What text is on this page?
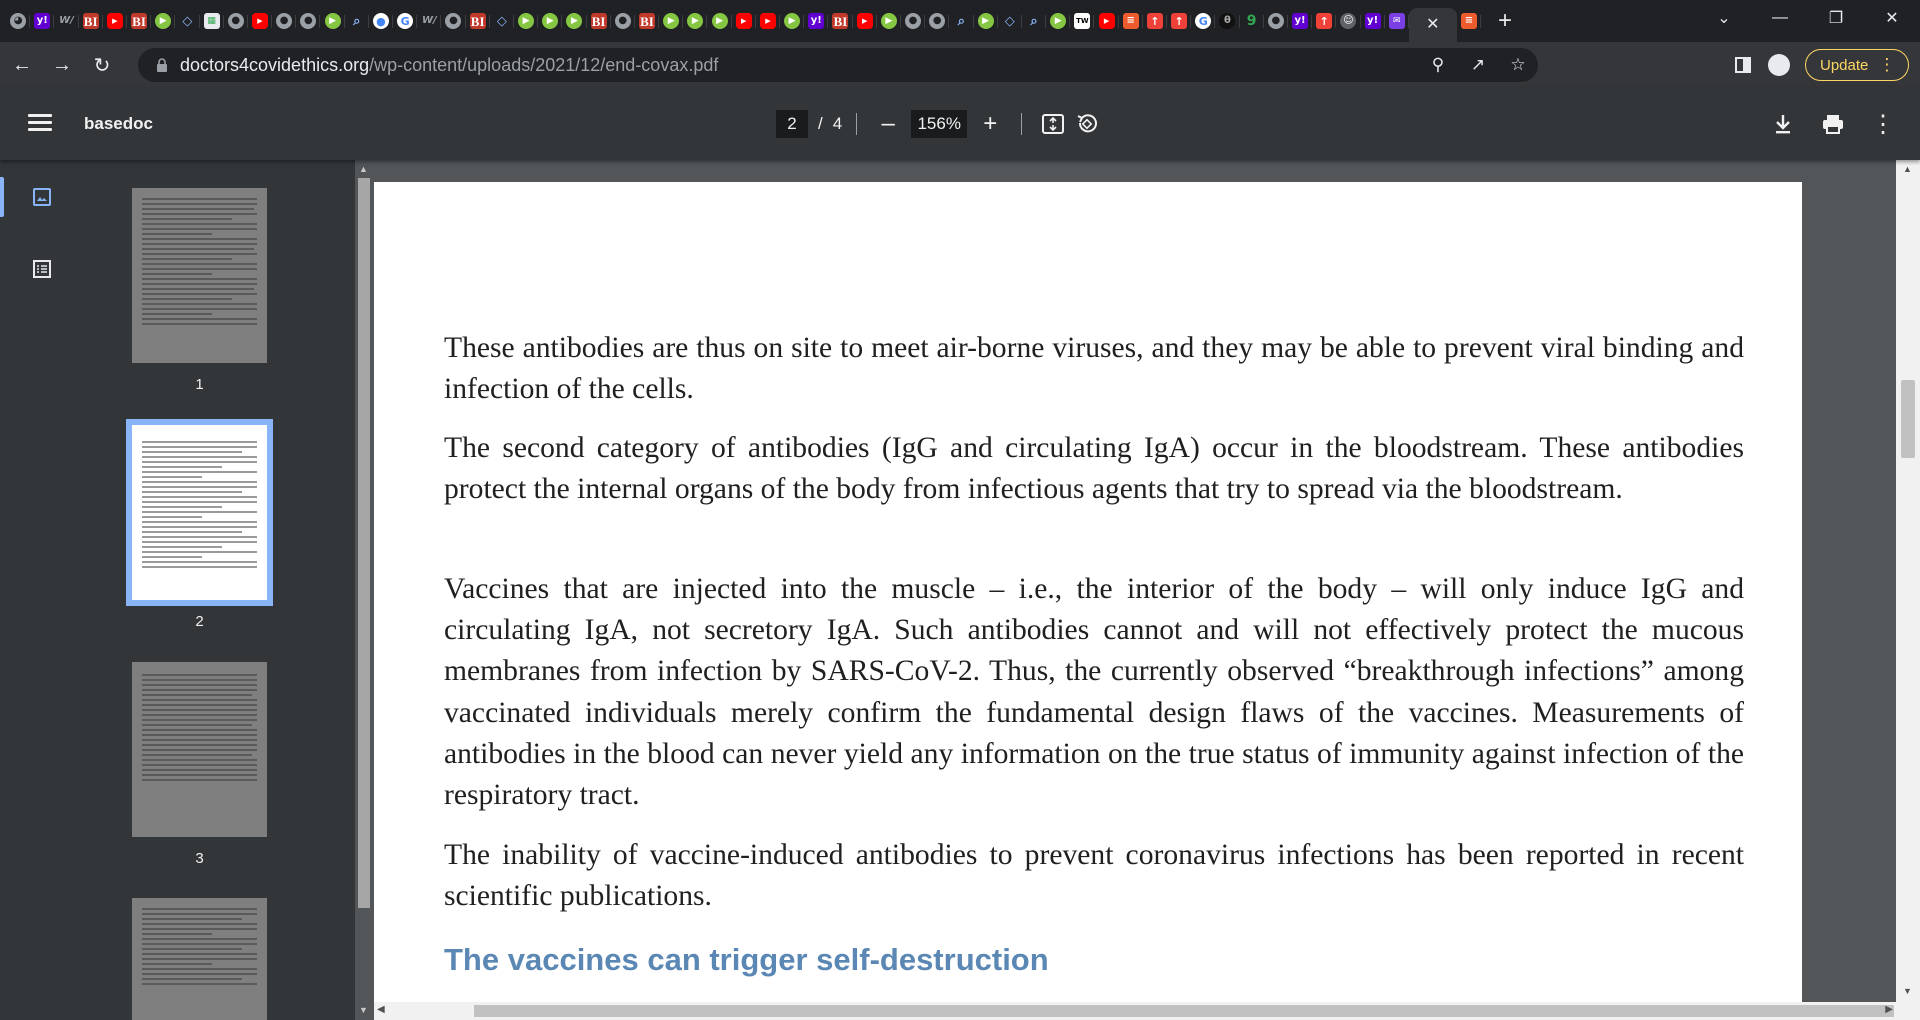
◕	y! W/ BI	▶	BI	▶	◇	▦	●	▶	●	●	▶	⌕	●	G	W/	● BI ◇	▶	▶	▶	BI	● BI	▶	▶	▶	▶	▶	▶	y! BI	▶	▶	●	●	⌕	▶	◇	⌕	▶	TW	▶	≡	↑	↑	G	θ	9	●	y!	↑	☺ y!	✉ ✕	≡	+	⌄	—	❐	✕
←	→	↻	doctors4covidethics.org/wp-content/uploads/2021/12/end-covax.pdf	⚲	↗	☆	Update ⋮
basedoc	2	/ 4	–	156% +	⋮
1
2
3
▲
▼

These antibodies are thus on site to meet air-borne viruses, and they may be able to prevent viral binding and infection of the cells.

The second category of antibodies (IgG and circulating IgA) occur in the bloodstream. These antibodies protect the internal organs of the body from infectious agents that try to spread via the bloodstream.

Vaccines that are injected into the muscle – i.e., the interior of the body – will only induce IgG and circulating IgA, not secretory IgA. Such antibodies cannot and will not effectively protect the mucous membranes from infection by SARS-CoV-2. Thus, the currently observed “breakthrough infections” among vaccinated individuals merely confirm the fundamental design flaws of the vaccines. Measurements of antibodies in the blood can never yield any information on the true status of immunity against infection of the respiratory tract.

The inability of vaccine-induced antibodies to prevent coronavirus infections has been reported in recent scientific publications.

The vaccines can trigger self-destruction
▲
▼
◀	▶
